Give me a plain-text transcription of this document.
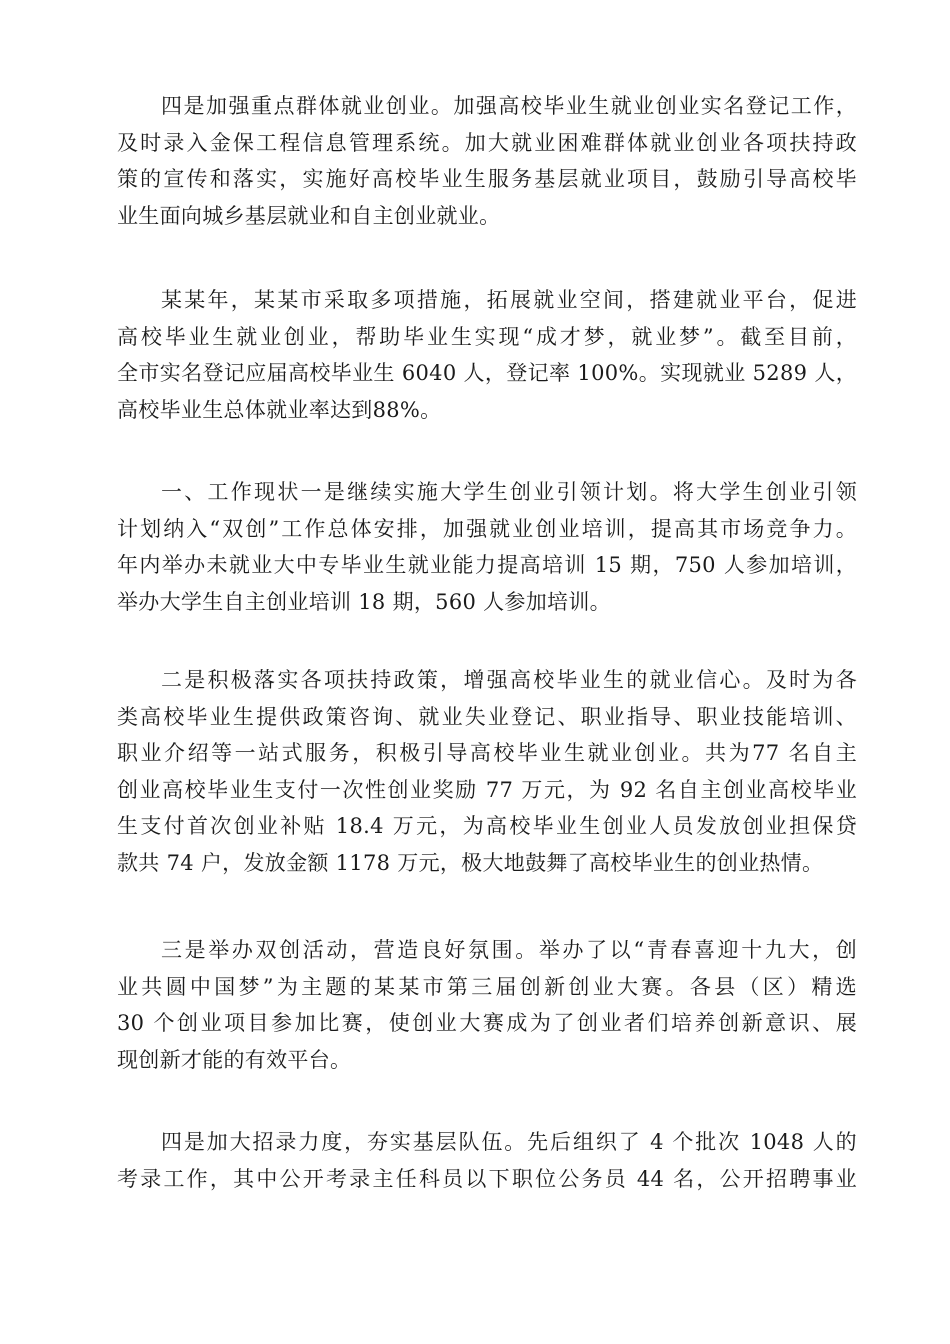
四是加强重点群体就业创业。加强高校毕业生就业创业实名登记工作，
及时录入金保工程信息管理系统。加大就业困难群体就业创业各项扶持政
策的宣传和落实，实施好高校毕业生服务基层就业项目，鼓励引导高校毕
业生面向城乡基层就业和自主创业就业。

某某年，某某市采取多项措施，拓展就业空间，搭建就业平台，促进
高校毕业生就业创业，帮助毕业生实现“成才梦，就业梦”。截至目前，
全市实名登记应届高校毕业生 6040 人，登记率 100%。实现就业 5289 人，
高校毕业生总体就业率达到88%。

一、工作现状一是继续实施大学生创业引领计划。将大学生创业引领
计划纳入“双创”工作总体安排，加强就业创业培训，提高其市场竞争力。
年内举办未就业大中专毕业生就业能力提高培训 15 期，750 人参加培训，
举办大学生自主创业培训 18 期，560 人参加培训。

二是积极落实各项扶持政策，增强高校毕业生的就业信心。及时为各
类高校毕业生提供政策咨询、就业失业登记、职业指导、职业技能培训、
职业介绍等一站式服务，积极引导高校毕业生就业创业。共为77 名自主
创业高校毕业生支付一次性创业奖励 77 万元，为 92 名自主创业高校毕业
生支付首次创业补贴 18.4 万元，为高校毕业生创业人员发放创业担保贷
款共 74 户，发放金额 1178 万元，极大地鼓舞了高校毕业生的创业热情。

三是举办双创活动，营造良好氛围。举办了以“青春喜迎十九大，创
业共圆中国梦”为主题的某某市第三届创新创业大赛。各县（区）精选
30 个创业项目参加比赛，使创业大赛成为了创业者们培养创新意识、展
现创新才能的有效平台。

四是加大招录力度，夯实基层队伍。先后组织了 4 个批次 1048 人的
考录工作，其中公开考录主任科员以下职位公务员 44 名，公开招聘事业
